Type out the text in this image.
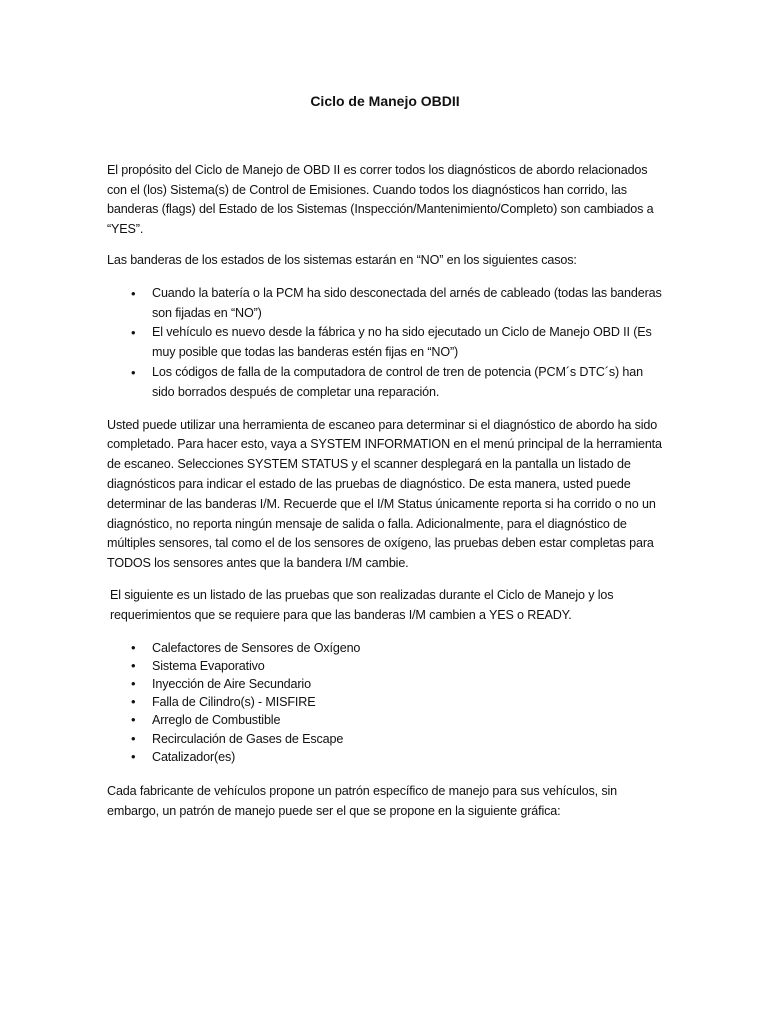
Ciclo de Manejo OBDII

El propósito del Ciclo de Manejo de OBD II es correr todos los diagnósticos de abordo relacionados con el (los) Sistema(s) de Control de Emisiones. Cuando todos los diagnósticos han corrido, las banderas (flags) del Estado de los Sistemas (Inspección/Mantenimiento/Completo) son cambiados a “YES”.

Las banderas de los estados de los sistemas estarán en “NO” en los siguientes casos:

• Cuando la batería o la PCM ha sido desconectada del arnés de cableado (todas las banderas son fijadas en “NO”)
• El vehículo es nuevo desde la fábrica y no ha sido ejecutado un Ciclo de Manejo OBD II (Es muy posible que todas las banderas estén fijas en “NO”)
• Los códigos de falla de la computadora de control de tren de potencia (PCM´s DTC´s) han sido borrados después de completar una reparación.

Usted puede utilizar una herramienta de escaneo para determinar si el diagnóstico de abordo ha sido completado. Para hacer esto, vaya a SYSTEM INFORMATION en el menú principal de la herramienta de escaneo. Selecciones SYSTEM STATUS y el scanner desplegará en la pantalla un listado de diagnósticos para indicar el estado de las pruebas de diagnóstico. De esta manera, usted puede determinar de las banderas I/M. Recuerde que el I/M Status únicamente reporta si ha corrido o no un diagnóstico, no reporta ningún mensaje de salida o falla. Adicionalmente, para el diagnóstico de múltiples sensores, tal como el de los sensores de oxígeno, las pruebas deben estar completas para TODOS los sensores antes que la bandera I/M cambie.

El siguiente es un listado de las pruebas que son realizadas durante el Ciclo de Manejo y los requerimientos que se requiere para que las banderas I/M cambien a YES o READY.

• Calefactores de Sensores de Oxígeno
• Sistema Evaporativo
• Inyección de Aire Secundario
• Falla de Cilindro(s) - MISFIRE
• Arreglo de Combustible
• Recirculación de Gases de Escape
• Catalizador(es)

Cada fabricante de vehículos propone un patrón específico de manejo para sus vehículos, sin embargo, un patrón de manejo puede ser el que se propone en la siguiente gráfica:
